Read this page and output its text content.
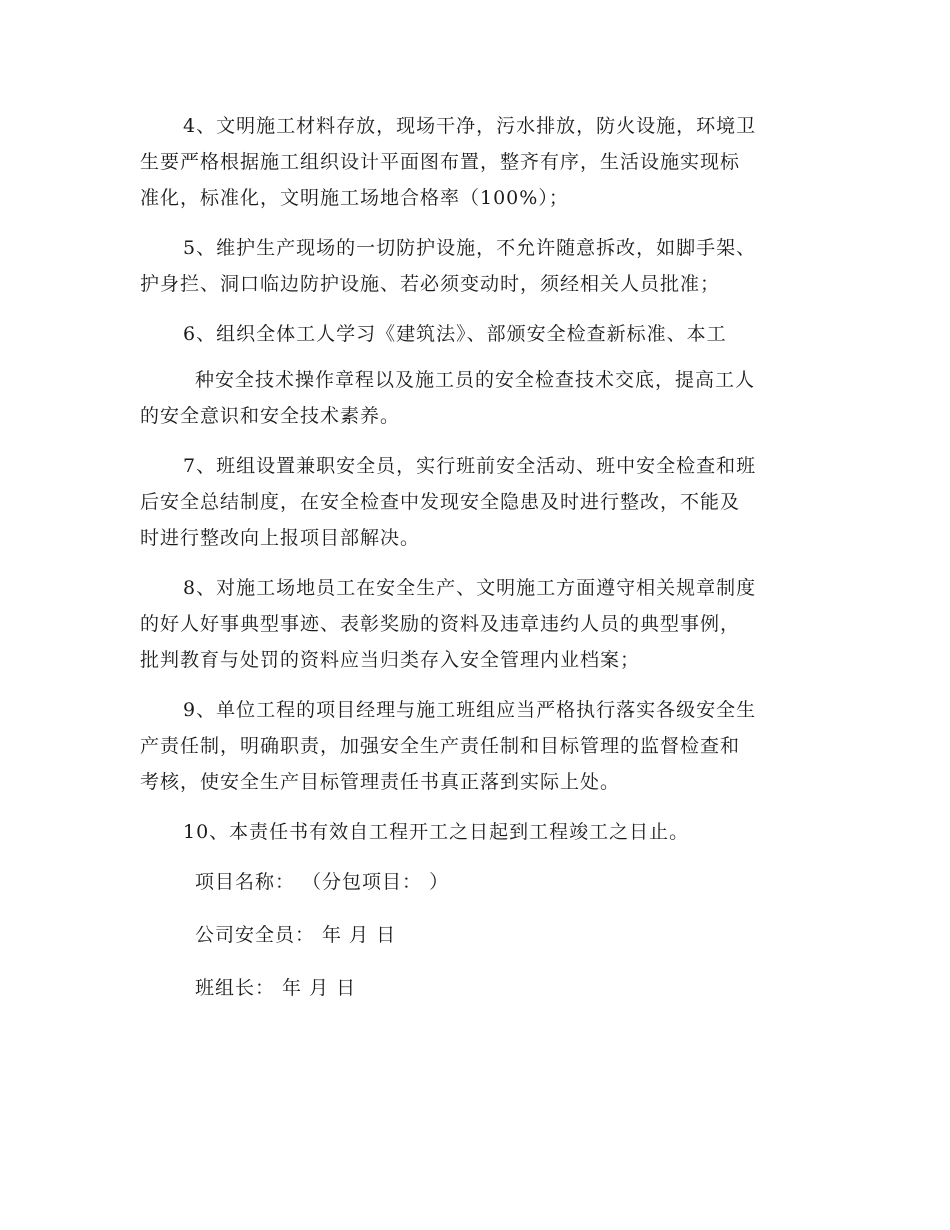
4、文明施工材料存放，现场干净，污水排放，防火设施，环境卫
生要严格根据施工组织设计平面图布置，整齐有序，生活设施实现标
准化，标准化，文明施工场地合格率（100%）；

5、维护生产现场的一切防护设施，不允许随意拆改，如脚手架、
护身拦、洞口临边防护设施、若必须变动时，须经相关人员批准；

6、组织全体工人学习《建筑法》、部颁安全检查新标准、本工

种安全技术操作章程以及施工员的安全检查技术交底，提高工人
的安全意识和安全技术素养。

7、班组设置兼职安全员，实行班前安全活动、班中安全检查和班
后安全总结制度，在安全检查中发现安全隐患及时进行整改，不能及
时进行整改向上报项目部解决。

8、对施工场地员工在安全生产、文明施工方面遵守相关规章制度
的好人好事典型事迹、表彰奖励的资料及违章违约人员的典型事例，
批判教育与处罚的资料应当归类存入安全管理内业档案；

9、单位工程的项目经理与施工班组应当严格执行落实各级安全生
产责任制，明确职责，加强安全生产责任制和目标管理的监督检查和
考核，使安全生产目标管理责任书真正落到实际上处。

10、本责任书有效自工程开工之日起到工程竣工之日止。

项目名称： （分包项目： ）
公司安全员： 年 月 日
班组长： 年 月 日
